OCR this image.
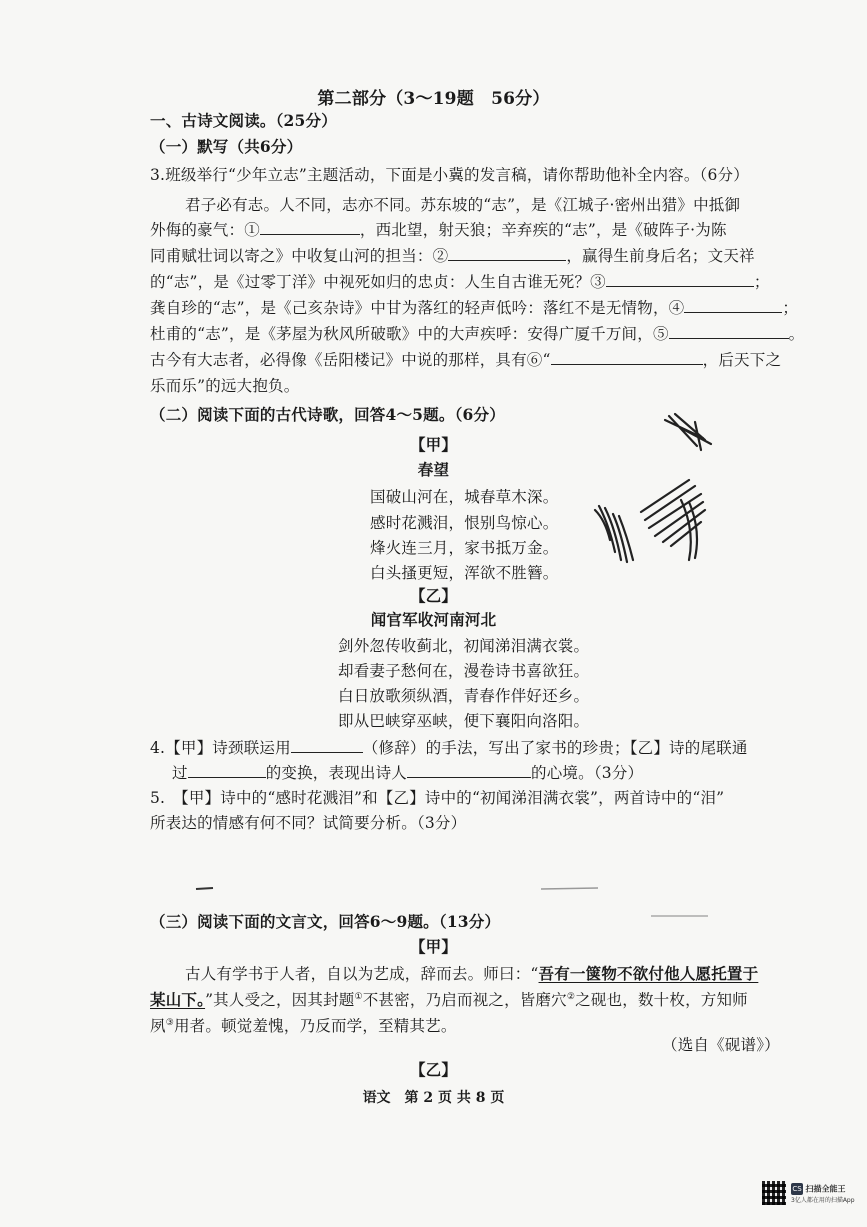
第二部分（3～19题　56分）
一、古诗文阅读。（25分）
（一）默写（共6分）
3.班级举行“少年立志”主题活动，下面是小冀的发言稿，请你帮助他补全内容。（6分）
君子必有志。人不同，志亦不同。苏东坡的“志”，是《江城子·密州出猎》中抵御
外侮的豪气：①	，西北望，射天狼；辛弃疾的“志”，是《破阵子·为陈
同甫赋壮词以寄之》中收复山河的担当：②	，赢得生前身后名；文天祥
的“志”，是《过零丁洋》中视死如归的忠贞：人生自古谁无死？③	；
龚自珍的“志”，是《己亥杂诗》中甘为落红的轻声低吟：落红不是无情物，④	；
杜甫的“志”，是《茅屋为秋风所破歌》中的大声疾呼：安得广厦千万间，⑤	。
古今有大志者，必得像《岳阳楼记》中说的那样，具有⑥“	，后天下之
乐而乐”的远大抱负。
（二）阅读下面的古代诗歌，回答4～5题。（6分）
【甲】
春望
国破山河在，城春草木深。
感时花溅泪，恨别鸟惊心。
烽火连三月，家书抵万金。
白头搔更短，浑欲不胜簪。
【乙】
闻官军收河南河北
剑外忽传收蓟北，初闻涕泪满衣裳。
却看妻子愁何在，漫卷诗书喜欲狂。
白日放歌须纵酒，青春作伴好还乡。
即从巴峡穿巫峡，便下襄阳向洛阳。
4.【甲】诗颈联运用	（修辞）的手法，写出了家书的珍贵；【乙】诗的尾联通
过	的变换，表现出诗人	的心境。（3分）
5.　【甲】诗中的“感时花溅泪”和【乙】诗中的“初闻涕泪满衣裳”，两首诗中的“泪”
所表达的情感有何不同？试简要分析。（3分）
（三）阅读下面的文言文，回答6～9题。（13分）
【甲】
古人有学书于人者，自以为艺成，辞而去。师曰：“吾有一箧物不欲付他人愿托置于
某山下。”其人受之，因其封题①不甚密，乃启而视之，皆磨穴②之砚也，数十枚，方知师
夙③用者。顿觉羞愧，乃反而学，至精其艺。
（选自《砚谱》）
【乙】
语文　第 2 页 共 8 页
CS 扫描全能王
3亿人都在用的扫描App
